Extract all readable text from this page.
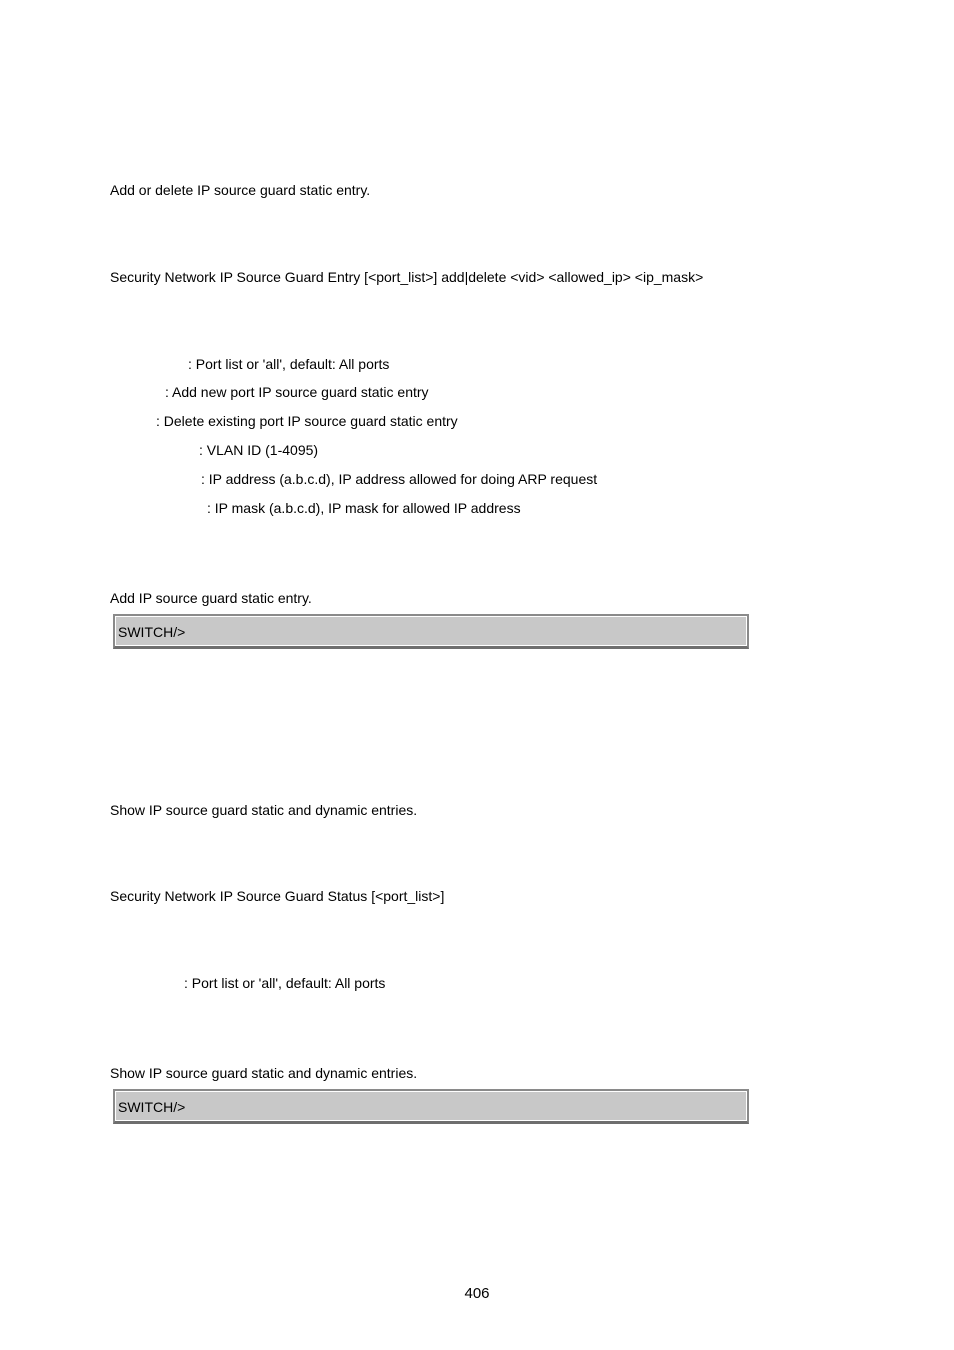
Add or delete IP source guard static entry.
Security Network IP Source Guard Entry [<port_list>] add|delete <vid> <allowed_ip> <ip_mask>
: Port list or 'all', default: All ports
: Add new port IP source guard static entry
: Delete existing port IP source guard static entry
: VLAN ID (1-4095)
: IP address (a.b.c.d), IP address allowed for doing ARP request
: IP mask (a.b.c.d), IP mask for allowed IP address
Add IP source guard static entry.
SWITCH/>
Show IP source guard static and dynamic entries.
Security Network IP Source Guard Status [<port_list>]
: Port list or 'all', default: All ports
Show IP source guard static and dynamic entries.
SWITCH/>
406
